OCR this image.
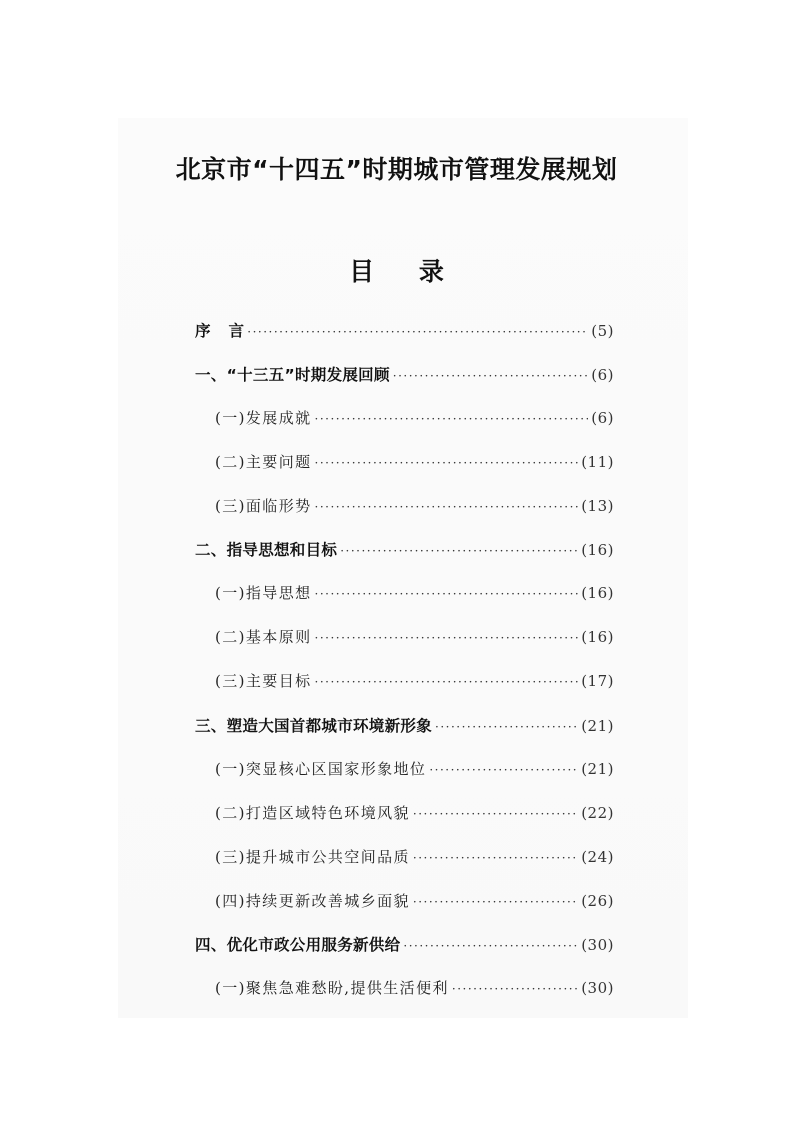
北京市“十四五”时期城市管理发展规划
目 录
序 言 ·····	(5)
一、“十三五”时期发展回顾 ·····	(6)
(一)发展成就 ·····	(6)
(二)主要问题 ·····	(11)
(三)面临形势 ·····	(13)
二、指导思想和目标 ·····	(16)
(一)指导思想 ·····	(16)
(二)基本原则 ·····	(16)
(三)主要目标 ·····	(17)
三、塑造大国首都城市环境新形象 ·····	(21)
(一)突显核心区国家形象地位 ·····	(21)
(二)打造区域特色环境风貌 ·····	(22)
(三)提升城市公共空间品质 ·····	(24)
(四)持续更新改善城乡面貌 ·····	(26)
四、优化市政公用服务新供给 ·····	(30)
(一)聚焦急难愁盼,提供生活便利 ·····	(30)
